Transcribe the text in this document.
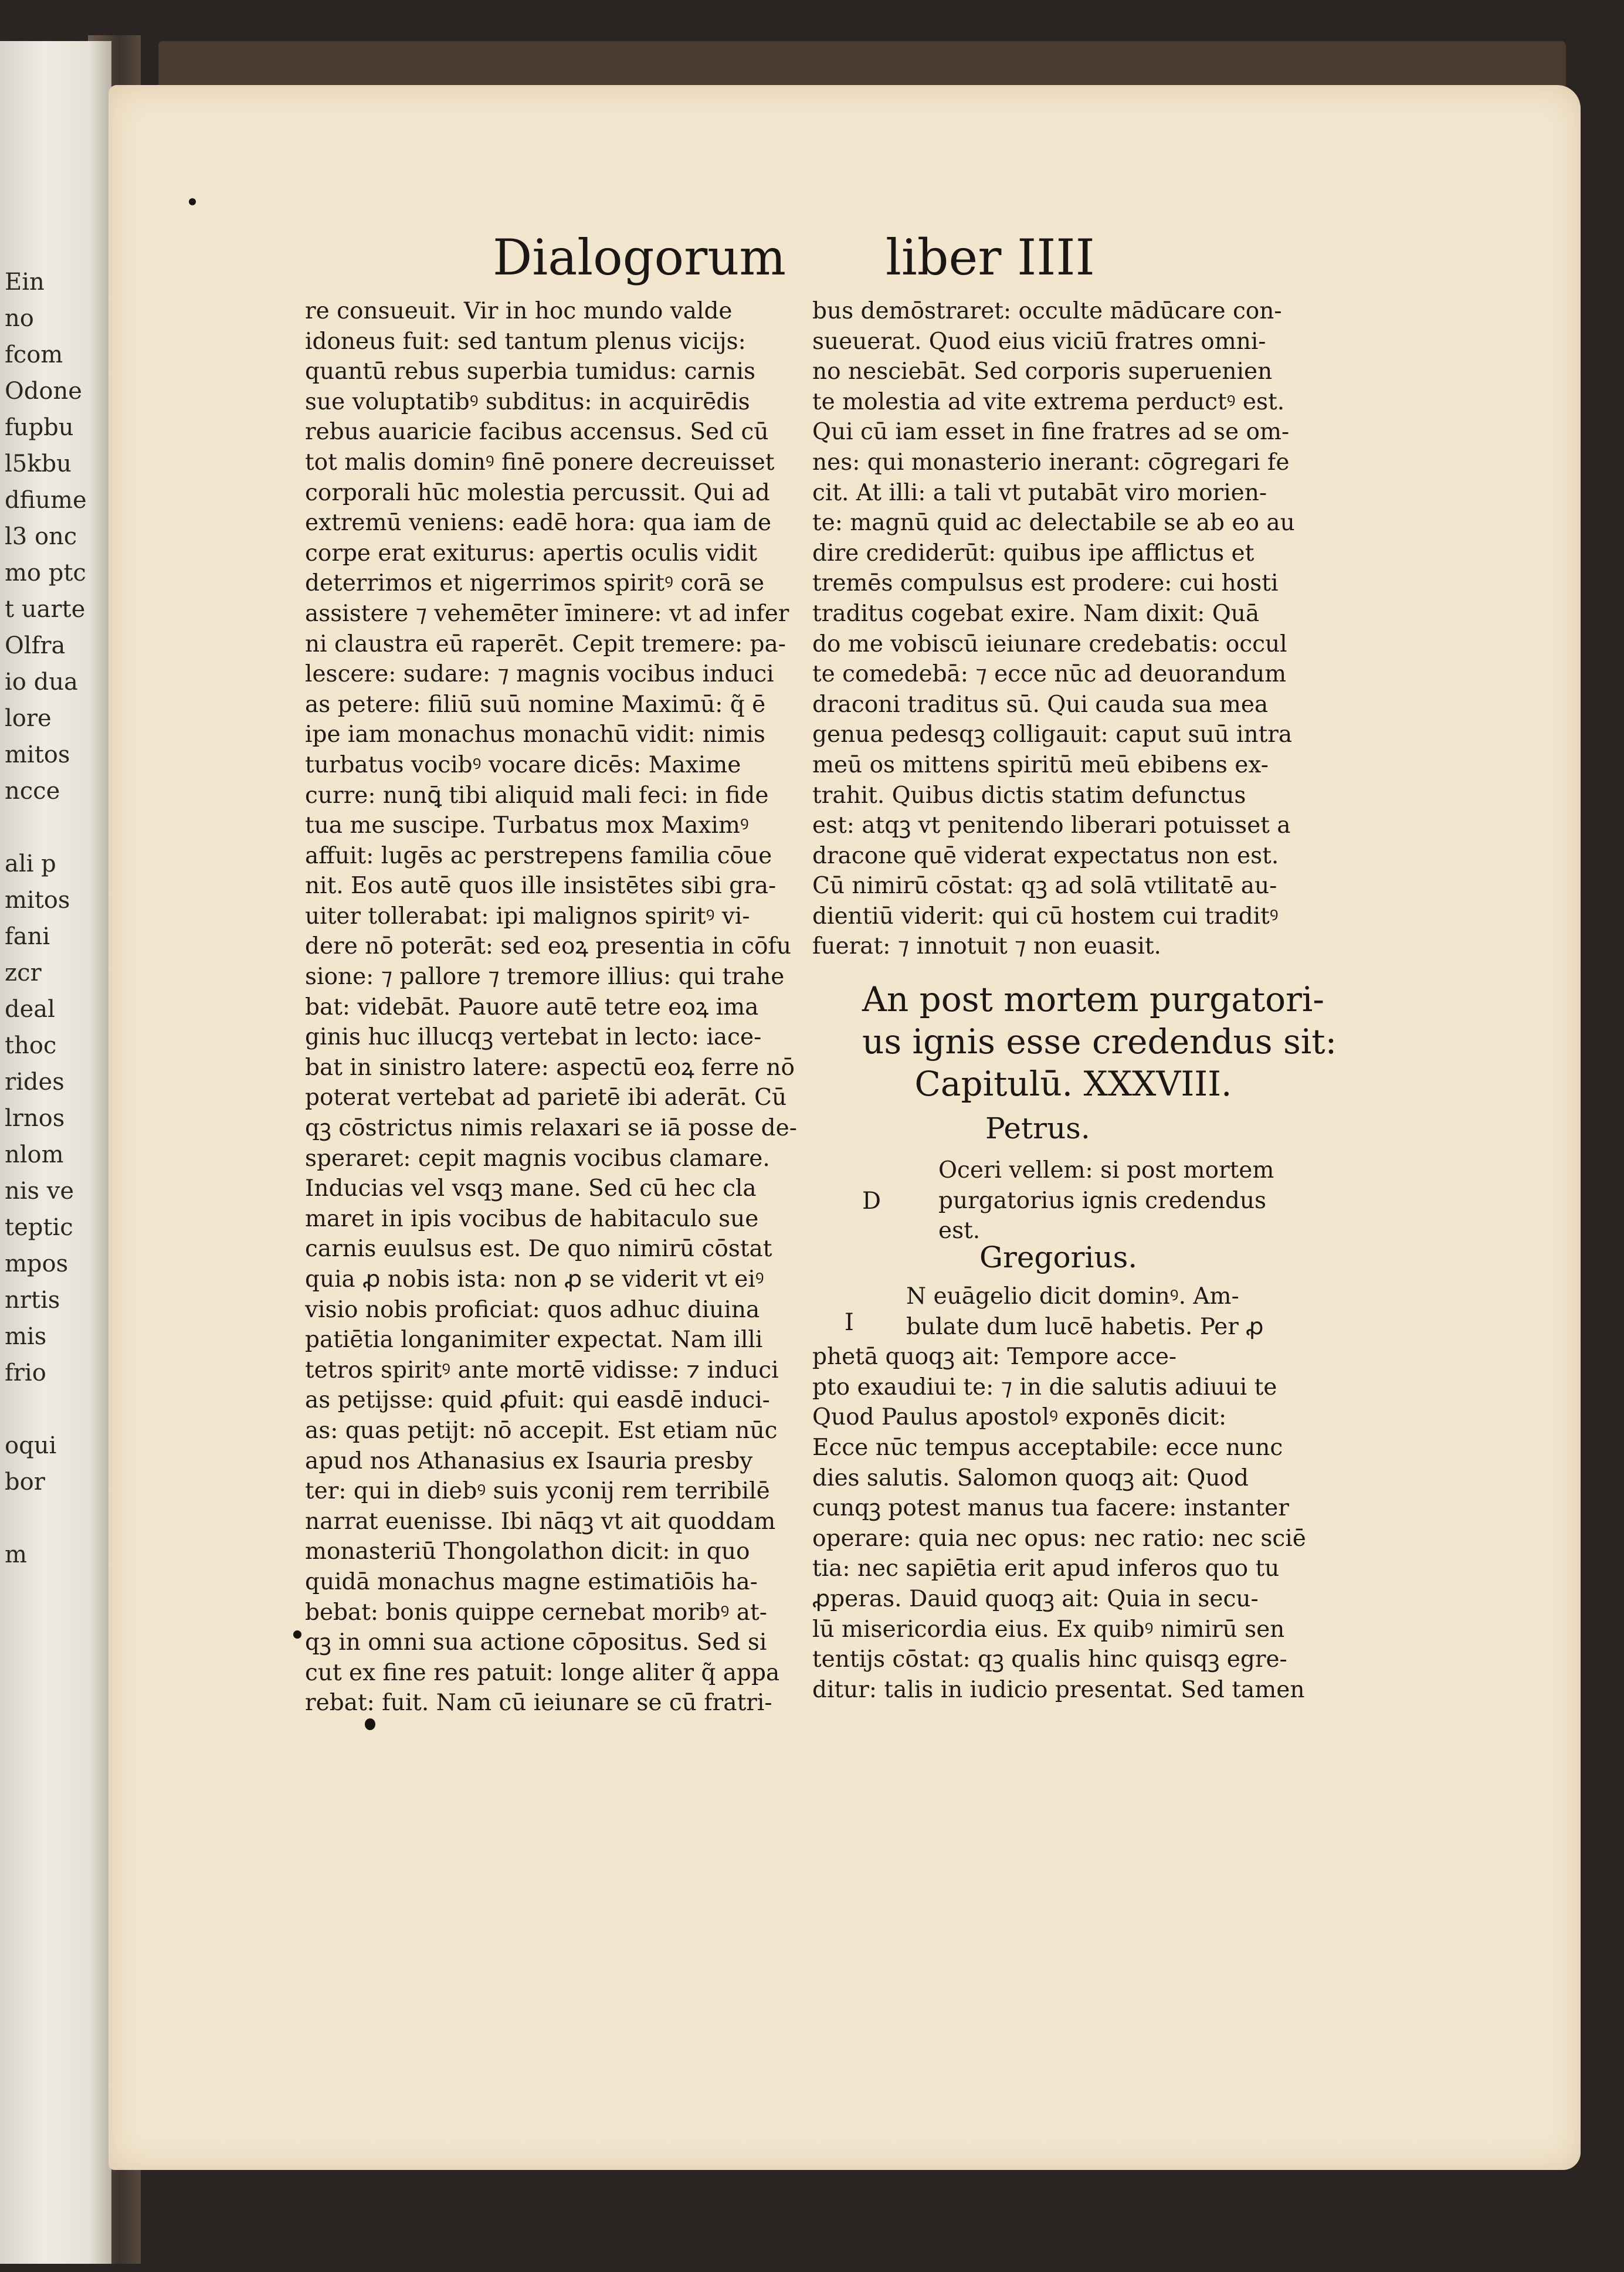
Ein
no
fcom
Odone
fupbu
l5kbu
dfiume
l3 onc
mo ptc
t uarte
Olfra
io dua
lore
mitos
ncce

ali p
mitos
fani
zcr
deal
thoc
rides
lrnos
nlom
nis ve
teptic
mpos
nrtis
mis
frio

oqui
bor

m
Dialogorum liber IIII
re consueuit. Vir in hoc mundo valde
idoneus fuit: sed tantum plenus vicijs:
quantū rebus superbia tumidus: carnis
sue voluptatibꝰ subditus: in acquirēdis
rebus auaricie facibus accensus. Sed cū
tot malis dominꝰ finē ponere decreuisset
corporali hūc molestia percussit. Qui ad
extremū veniens: eadē hora: qua iam de
corpe erat exiturus: apertis oculis vidit
deterrimos et nigerrimos spiritꝰ corā se
assistere ⁊ vehemēter īminere: vt ad infer
ni claustra eū raperēt. Cepit tremere: pa-
lescere: sudare: ⁊ magnis vocibus induci
as petere: filiū suū nomine Maximū: q̃ ē
ipe iam monachus monachū vidit: nimis
turbatus vocibꝰ vocare dicēs: Maxime
curre: nunꝗ̄ tibi aliquid mali feci: in fide
tua me suscipe. Turbatus mox Maximꝰ
affuit: lugēs ac perstrepens familia cōue
nit. Eos autē quos ille insistētes sibi gra-
uiter tollerabat: ipi malignos spiritꝰ vi-
dere nō poterāt: sed eoꝝ presentia in cōfu
sione: ⁊ pallore ⁊ tremore illius: qui trahe
bat: videbāt. Pauore autē tetre eoꝝ ima
ginis huc illucqꝫ vertebat in lecto: iace-
bat in sinistro latere: aspectū eoꝝ ferre nō
poterat vertebat ad parietē ibi aderāt. Cū
qꝫ cōstrictus nimis relaxari se iā posse de-
speraret: cepit magnis vocibus clamare.
Inducias vel vsqꝫ mane. Sed cū hec cla
maret in ipis vocibus de habitaculo sue
carnis euulsus est. De quo nimirū cōstat
quia ꝓ nobis ista: non ꝓ se viderit vt eiꝰ
visio nobis proficiat: quos adhuc diuina
patiētia longanimiter expectat. Nam illi
tetros spiritꝰ ante mortē vidisse: ⁊ induci
as petijsse: quid ꝓfuit: qui easdē induci-
as: quas petijt: nō accepit. Est etiam nūc
apud nos Athanasius ex Isauria presby
ter: qui in diebꝰ suis yconij rem terribilē
narrat euenisse. Ibi nāqꝫ vt ait quoddam
monasteriū Thongolathon dicit: in quo
quidā monachus magne estimatiōis ha-
bebat: bonis quippe cernebat moribꝰ at-
qꝫ in omni sua actione cōpositus. Sed si
cut ex fine res patuit: longe aliter q̃ appa
rebat: fuit. Nam cū ieiunare se cū fratri-
bus demōstraret: occulte mādūcare con-
sueuerat. Quod eius viciū fratres omni-
no nesciebāt. Sed corporis superuenien
te molestia ad vite extrema perductꝰ est.
Qui cū iam esset in fine fratres ad se om-
nes: qui monasterio inerant: cōgregari fe
cit. At illi: a tali vt putabāt viro morien-
te: magnū quid ac delectabile se ab eo au
dire crediderūt: quibus ipe afflictus et
tremēs compulsus est prodere: cui hosti
traditus cogebat exire. Nam dixit: Quā
do me vobiscū ieiunare credebatis: occul
te comedebā: ⁊ ecce nūc ad deuorandum
draconi traditus sū. Qui cauda sua mea
genua pedesqꝫ colligauit: caput suū intra
meū os mittens spiritū meū ebibens ex-
trahit. Quibus dictis statim defunctus
est: atqꝫ vt penitendo liberari potuisset a
dracone quē viderat expectatus non est.
Cū nimirū cōstat: qꝫ ad solā vtilitatē au-
dientiū viderit: qui cū hostem cui traditꝰ
fuerat: ⁊ innotuit ⁊ non euasit.
An post mortem purgatori-
us ignis esse credendus sit:
Capitulū. XXXVIII.
Petrus.
D
Oceri vellem: si post mortem
purgatorius ignis credendus
est.
Gregorius.
I
N euāgelio dicit dominꝰ. Am-
bulate dum lucē habetis. Per ꝓ
phetā quoqꝫ ait: Tempore acce-
pto exaudiui te: ⁊ in die salutis adiuui te
Quod Paulus apostolꝰ exponēs dicit:
Ecce nūc tempus acceptabile: ecce nunc
dies salutis. Salomon quoqꝫ ait: Quod
cunqꝫ potest manus tua facere: instanter
operare: quia nec opus: nec ratio: nec sciē
tia: nec sapiētia erit apud inferos quo tu
ꝓperas. Dauid quoqꝫ ait: Quia in secu-
lū misericordia eius. Ex quibꝰ nimirū sen
tentijs cōstat: qꝫ qualis hinc quisqꝫ egre-
ditur: talis in iudicio presentat. Sed tamen
